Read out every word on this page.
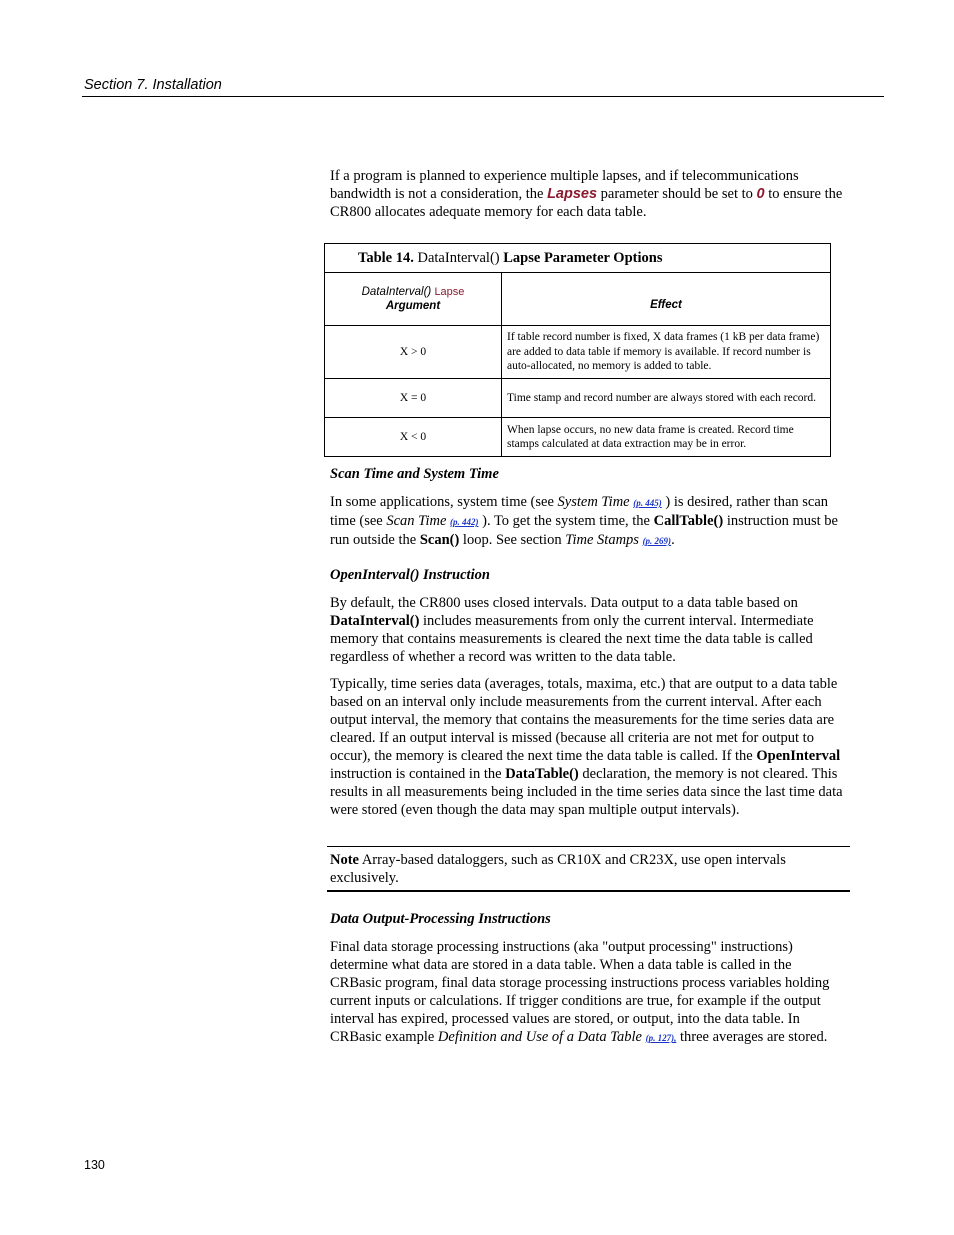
Section 7. Installation

If a program is planned to experience multiple lapses, and if telecommunications bandwidth is not a consideration, the Lapses parameter should be set to 0 to ensure the CR800 allocates adequate memory for each data table.

Table 14. DataInterval() Lapse Parameter Options	
DataInterval() Lapse
Argument	Effect
X > 0	If table record number is fixed, X data frames (1 kB per data frame) are added to data table if memory is available. If record number is auto-allocated, no memory is added to table.
X = 0	Time stamp and record number are always stored with each record.
X < 0	When lapse occurs, no new data frame is created. Record time stamps calculated at data extraction may be in error.
Scan Time and System Time

In some applications, system time (see System Time (p. 445) ) is desired, rather than scan time (see Scan Time (p. 442) ). To get the system time, the CallTable() instruction must be run outside the Scan() loop. See section Time Stamps (p. 269).

OpenInterval() Instruction

By default, the CR800 uses closed intervals. Data output to a data table based on DataInterval() includes measurements from only the current interval. Intermediate memory that contains measurements is cleared the next time the data table is called regardless of whether a record was written to the data table.

Typically, time series data (averages, totals, maxima, etc.) that are output to a data table based on an interval only include measurements from the current interval. After each output interval, the memory that contains the measurements for the time series data are cleared. If an output interval is missed (because all criteria are not met for output to occur), the memory is cleared the next time the data table is called. If the OpenInterval instruction is contained in the DataTable() declaration, the memory is not cleared. This results in all measurements being included in the time series data since the last time data were stored (even though the data may span multiple output intervals).

Note Array-based dataloggers, such as CR10X and CR23X, use open intervals exclusively.
Data Output-Processing Instructions

Final data storage processing instructions (aka "output processing" instructions) determine what data are stored in a data table. When a data table is called in the CRBasic program, final data storage processing instructions process variables holding current inputs or calculations. If trigger conditions are true, for example if the output interval has expired, processed values are stored, or output, into the data table. In CRBasic example Definition and Use of a Data Table (p. 127), three averages are stored.

130
